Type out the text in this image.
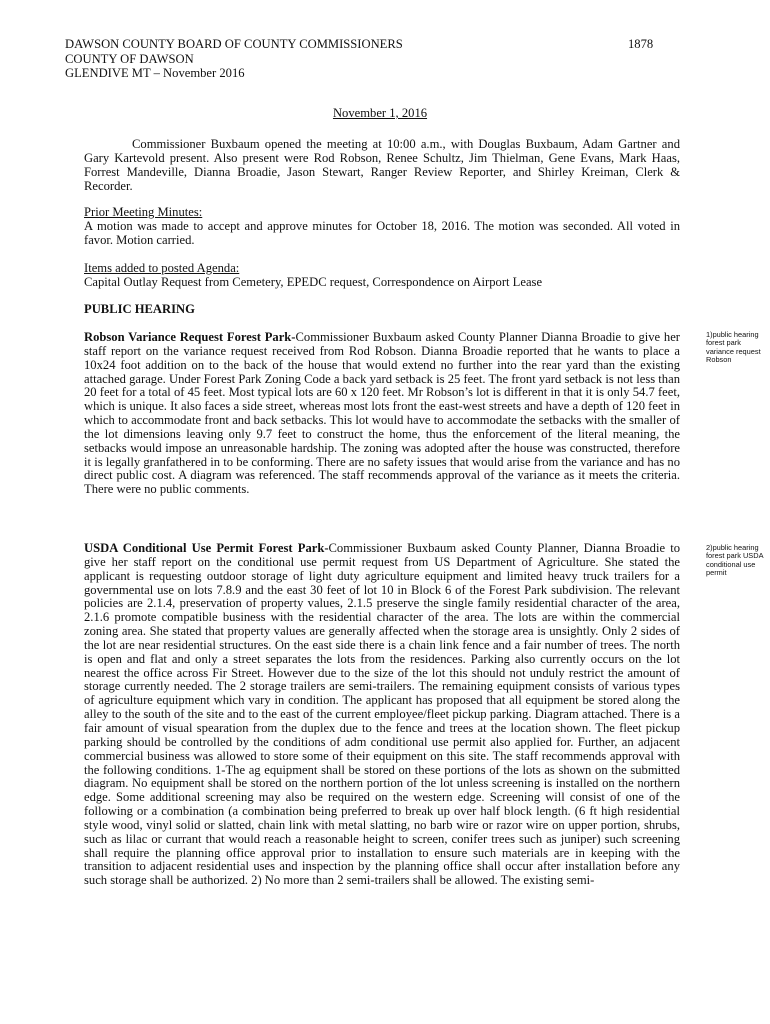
DAWSON COUNTY BOARD OF COUNTY COMMISSIONERS
COUNTY OF DAWSON
GLENDIVE MT – November 2016
1878
November 1, 2016
Commissioner Buxbaum opened the meeting at 10:00 a.m., with Douglas Buxbaum, Adam Gartner and Gary Kartevold present. Also present were Rod Robson, Renee Schultz, Jim Thielman, Gene Evans, Mark Haas, Forrest Mandeville, Dianna Broadie, Jason Stewart, Ranger Review Reporter, and Shirley Kreiman, Clerk & Recorder.

Prior Meeting Minutes:

A motion was made to accept and approve minutes for October 18, 2016. The motion was seconded. All voted in favor. Motion carried.

Items added to posted Agenda:

Capital Outlay Request from Cemetery, EPEDC request, Correspondence on Airport Lease

PUBLIC HEARING

Robson Variance Request Forest Park-Commissioner Buxbaum asked County Planner Dianna Broadie to give her staff report on the variance request received from Rod Robson. Dianna Broadie reported that he wants to place a 10x24 foot addition on to the back of the house that would extend no further into the rear yard than the existing attached garage. Under Forest Park Zoning Code a back yard setback is 25 feet. The front yard setback is not less than 20 feet for a total of 45 feet. Most typical lots are 60 x 120 feet. Mr Robson’s lot is different in that it is only 54.7 feet, which is unique. It also faces a side street, whereas most lots front the east-west streets and have a depth of 120 feet in which to accommodate front and back setbacks. This lot would have to accommodate the setbacks with the smaller of the lot dimensions leaving only 9.7 feet to construct the home, thus the enforcement of the literal meaning, the setbacks would impose an unreasonable hardship. The zoning was adopted after the house was constructed, therefore it is legally granfathered in to be conforming. There are no safety issues that would arise from the variance and has no direct public cost. A diagram was referenced. The staff recommends approval of the variance as it meets the criteria. There were no public comments.

1)public hearing forest park variance request Robson

USDA Conditional Use Permit Forest Park-Commissioner Buxbaum asked County Planner, Dianna Broadie to give her staff report on the conditional use permit request from US Department of Agriculture. She stated the applicant is requesting outdoor storage of light duty agriculture equipment and limited heavy truck trailers for a governmental use on lots 7.8.9 and the east 30 feet of lot 10 in Block 6 of the Forest Park subdivision. The relevant policies are 2.1.4, preservation of property values, 2.1.5 preserve the single family residential character of the area, 2.1.6 promote compatible business with the residential character of the area. The lots are within the commercial zoning area. She stated that property values are generally affected when the storage area is unsightly. Only 2 sides of the lot are near residential structures. On the east side there is a chain link fence and a fair number of trees. The north is open and flat and only a street separates the lots from the residences. Parking also currently occurs on the lot nearest the office across Fir Street. However due to the size of the lot this should not unduly restrict the amount of storage currently needed. The 2 storage trailers are semi-trailers. The remaining equipment consists of various types of agriculture equipment which vary in condition. The applicant has proposed that all equipment be stored along the alley to the south of the site and to the east of the current employee/fleet pickup parking. Diagram attached. There is a fair amount of visual spearation from the duplex due to the fence and trees at the location shown. The fleet pickup parking should be controlled by the conditions of adm conditional use permit also applied for. Further, an adjacent commercial business was allowed to store some of their equipment on this site. The staff recommends approval with the following conditions. 1-The ag equipment shall be stored on these portions of the lots as shown on the submitted diagram. No equipment shall be stored on the northern portion of the lot unless screening is installed on the northern edge. Some additional screening may also be required on the western edge. Screening will consist of one of the following or a combination (a combination being preferred to break up over half block length. (6 ft high residential style wood, vinyl solid or slatted, chain link with metal slatting, no barb wire or razor wire on upper portion, shrubs, such as lilac or currant that would reach a reasonable height to screen, conifer trees such as juniper) such screening shall require the planning office approval prior to installation to ensure such materials are in keeping with the transition to adjacent residential uses and inspection by the planning office shall occur after installation before any such storage shall be authorized. 2) No more than 2 semi-trailers shall be allowed. The existing semi-

2)public hearing forest park USDA conditional use permit
